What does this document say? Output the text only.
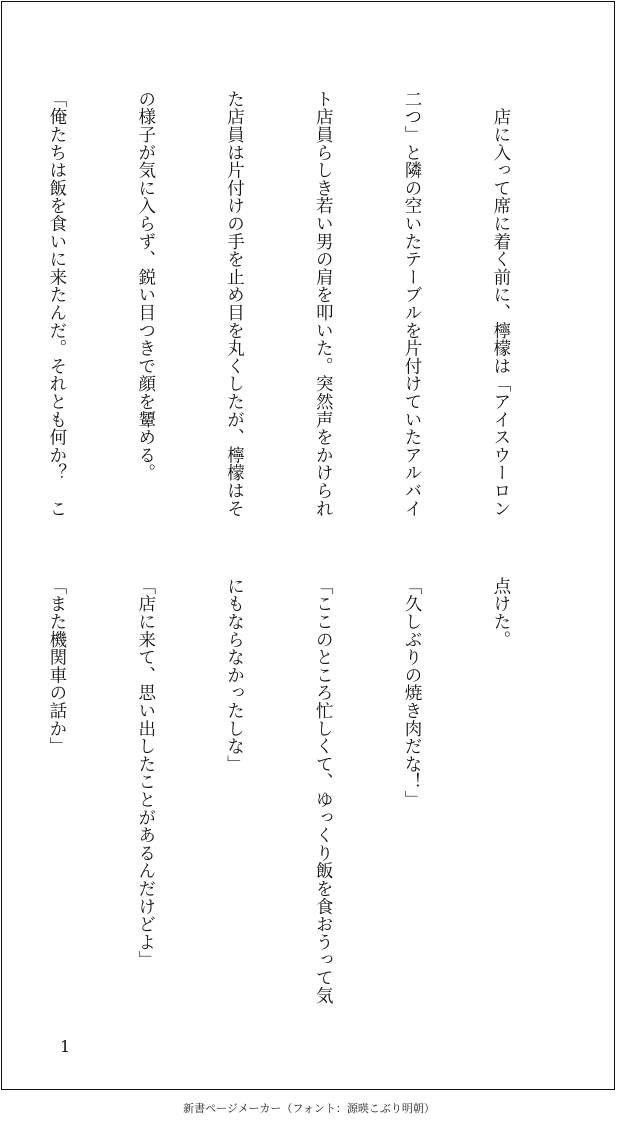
　店に入って席に着く前に、檸檬は「アイスウーロン

二つ」と隣の空いたテーブルを片付けていたアルバイ

ト店員らしき若い男の肩を叩いた。突然声をかけられ

た店員は片付けの手を止め目を丸くしたが、檸檬はそ

の様子が気に入らず、鋭い目つきで顔を顰める。

「俺たちは飯を食いに来たんだ。それとも何か？　こ

点けた。

「久しぶりの焼き肉だな！」

「ここのところ忙しくて、ゆっくり飯を食おうって気

にもならなかったしな」

「店に来て、思い出したことがあるんだけどよ」

「また機関車の話か」

1
新書ページメーカー（フォント：源暎こぶり明朝）
